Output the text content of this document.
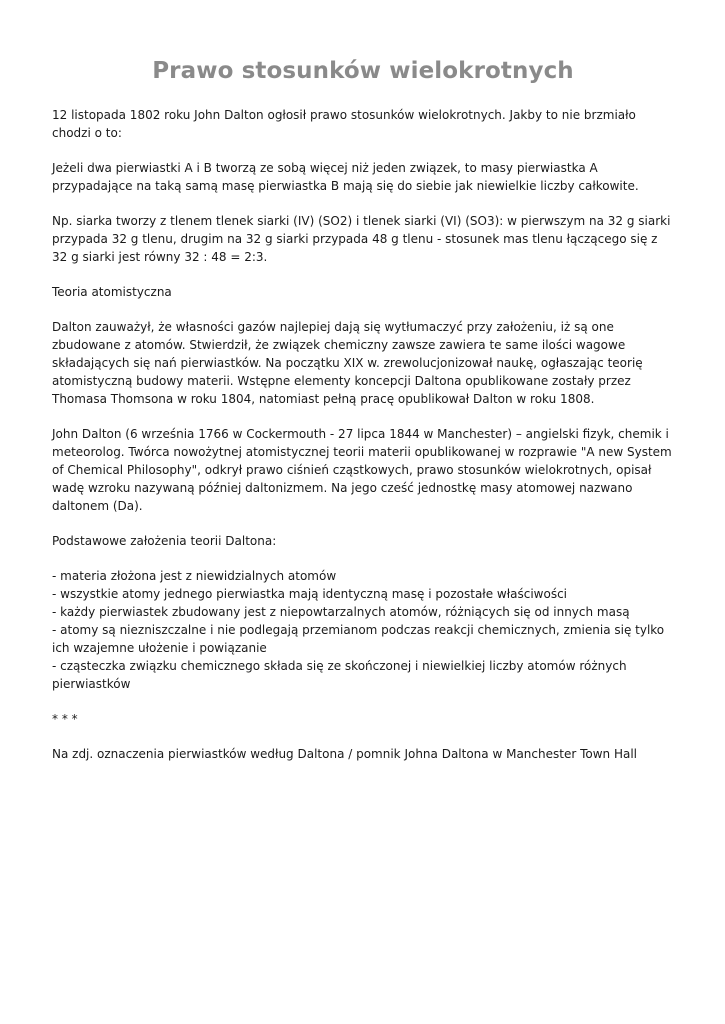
Prawo stosunków wielokrotnych

12 listopada 1802 roku John Dalton ogłosił prawo stosunków wielokrotnych. Jakby to nie brzmiało chodzi o to:

Jeżeli dwa pierwiastki A i B tworzą ze sobą więcej niż jeden związek, to masy pierwiastka A przypadające na taką samą masę pierwiastka B mają się do siebie jak niewielkie liczby całkowite.

Np. siarka tworzy z tlenem tlenek siarki (IV) (SO2) i tlenek siarki (VI) (SO3): w pierwszym na 32 g siarki przypada 32 g tlenu, drugim na 32 g siarki przypada 48 g tlenu - stosunek mas tlenu łączącego się z 32 g siarki jest równy 32 : 48 = 2:3.

Teoria atomistyczna

Dalton zauważył, że własności gazów najlepiej dają się wytłumaczyć przy założeniu, iż są one zbudowane z atomów. Stwierdził, że związek chemiczny zawsze zawiera te same ilości wagowe składających się nań pierwiastków. Na początku XIX w. zrewolucjonizował naukę, ogłaszając teorię atomistyczną budowy materii. Wstępne elementy koncepcji Daltona opublikowane zostały przez Thomasa Thomsona w roku 1804, natomiast pełną pracę opublikował Dalton w roku 1808.

John Dalton (6 września 1766 w Cockermouth - 27 lipca 1844 w Manchester) – angielski fizyk, chemik i meteorolog. Twórca nowożytnej atomistycznej teorii materii opublikowanej w rozprawie "A new System of Chemical Philosophy", odkrył prawo ciśnień cząstkowych, prawo stosunków wielokrotnych, opisał wadę wzroku nazywaną później daltonizmem. Na jego cześć jednostkę masy atomowej nazwano daltonem (Da).

Podstawowe założenia teorii Daltona:

- materia złożona jest z niewidzialnych atomów

- wszystkie atomy jednego pierwiastka mają identyczną masę i pozostałe właściwości

- każdy pierwiastek zbudowany jest z niepowtarzalnych atomów, różniących się od innych masą

- atomy są niezniszczalne i nie podlegają przemianom podczas reakcji chemicznych, zmienia się tylko ich wzajemne ułożenie i powiązanie

- cząsteczka związku chemicznego składa się ze skończonej i niewielkiej liczby atomów różnych pierwiastków

* * *

Na zdj. oznaczenia pierwiastków według Daltona / pomnik Johna Daltona w Manchester Town Hall
